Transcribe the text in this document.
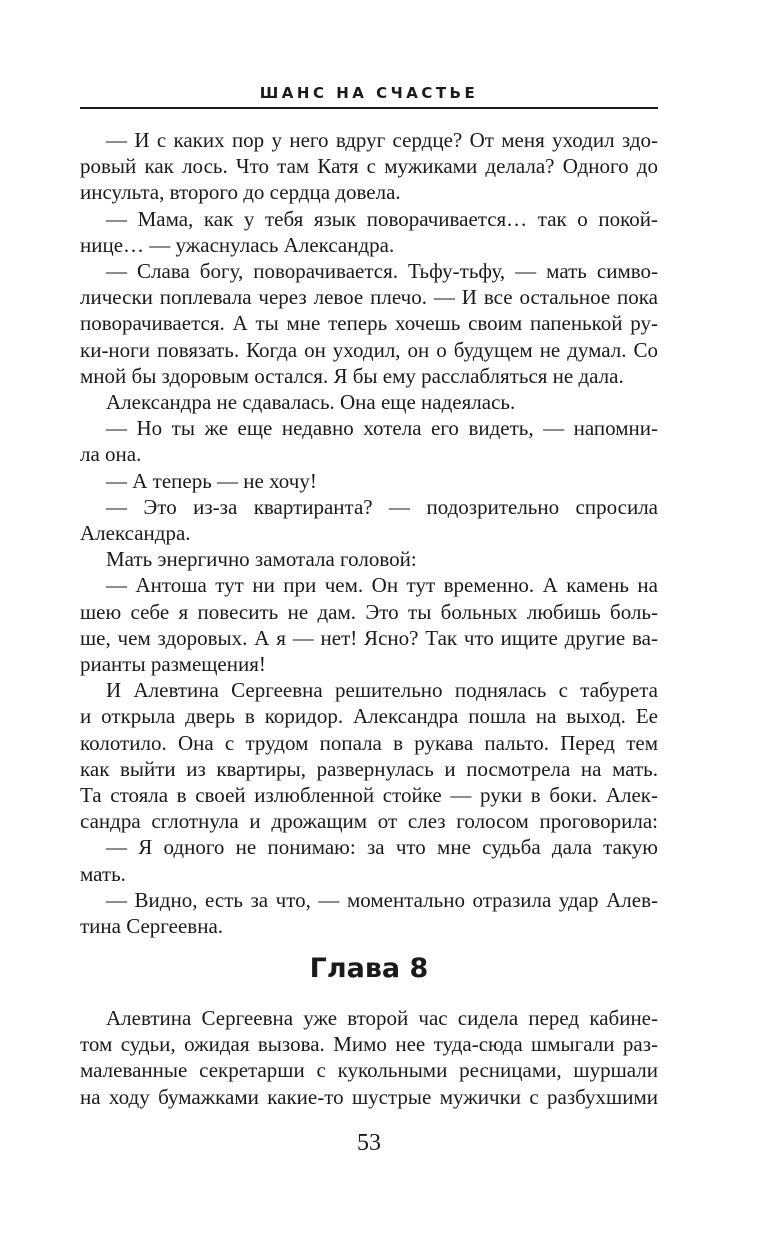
ШАНС НА СЧАСТЬЕ
— И с каких пор у него вдруг сердце? От меня уходил здо-
ровый как лось. Что там Катя с мужиками делала? Одного до
инсульта, второго до сердца довела.
— Мама, как у тебя язык поворачивается… так о покой-
нице… — ужаснулась Александра.
— Слава богу, поворачивается. Тьфу-тьфу, — мать симво-
лически поплевала через левое плечо. — И все остальное пока
поворачивается. А ты мне теперь хочешь своим папенькой ру-
ки-ноги повязать. Когда он уходил, он о будущем не думал. Со
мной бы здоровым остался. Я бы ему расслабляться не дала.
Александра не сдавалась. Она еще надеялась.
— Но ты же еще недавно хотела его видеть, — напомни-
ла она.
— А теперь — не хочу!
— Это из-за квартиранта? — подозрительно спросила
Александра.
Мать энергично замотала головой:
— Антоша тут ни при чем. Он тут временно. А камень на
шею себе я повесить не дам. Это ты больных любишь боль-
ше, чем здоровых. А я — нет! Ясно? Так что ищите другие ва-
рианты размещения!
И Алевтина Сергеевна решительно поднялась с табурета
и открыла дверь в коридор. Александра пошла на выход. Ее
колотило. Она с трудом попала в рукава пальто. Перед тем
как выйти из квартиры, развернулась и посмотрела на мать.
Та стояла в своей излюбленной стойке — руки в боки. Алек-
сандра сглотнула и дрожащим от слез голосом проговорила:
— Я одного не понимаю: за что мне судьба дала такую
мать.
— Видно, есть за что, — моментально отразила удар Алев-
тина Сергеевна.
Глава 8
Алевтина Сергеевна уже второй час сидела перед кабине-
том судьи, ожидая вызова. Мимо нее туда-сюда шмыгали раз-
малеванные секретарши с кукольными ресницами, шуршали
на ходу бумажками какие-то шустрые мужички с разбухшими
53
